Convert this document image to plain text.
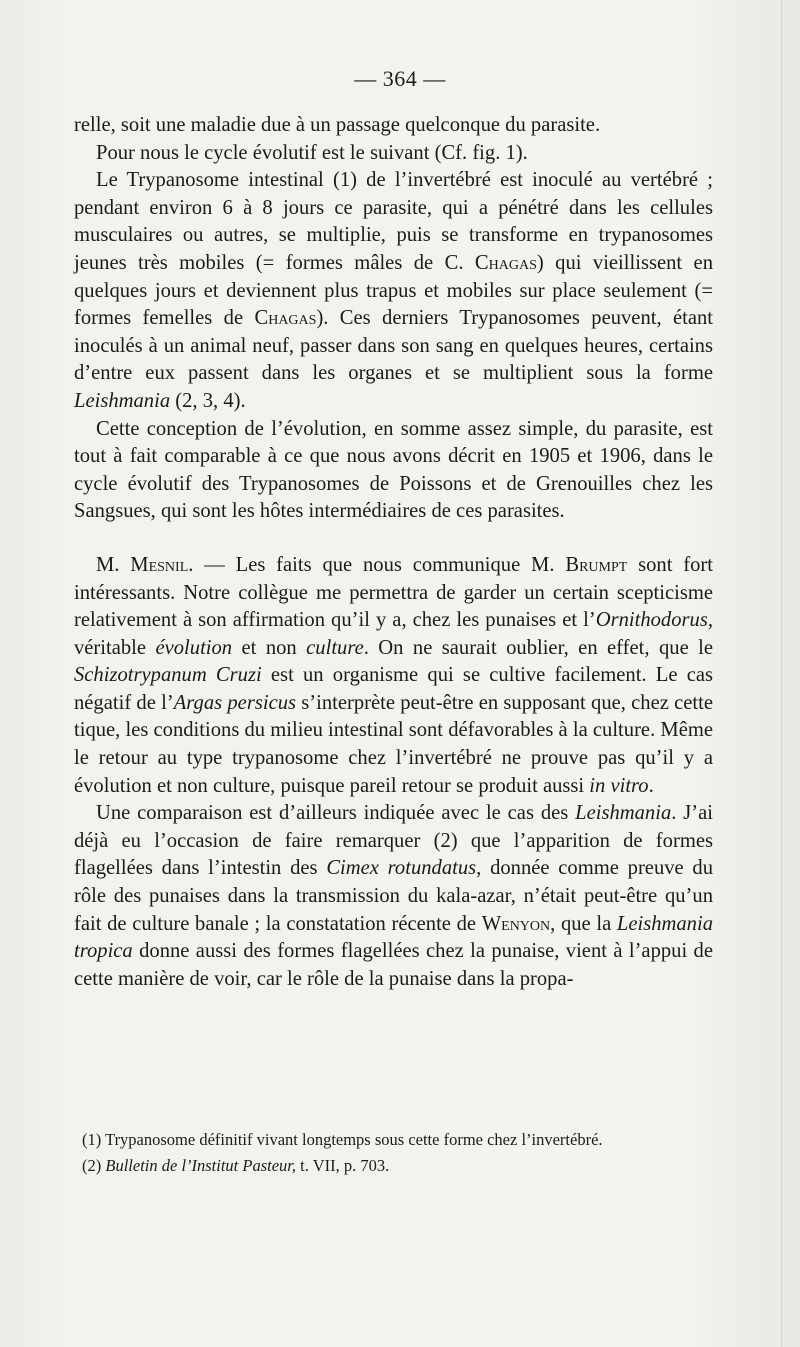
— 364 —

relle, soit une maladie due à un passage quelconque du parasite.

Pour nous le cycle évolutif est le suivant (Cf. fig. 1).

Le Trypanosome intestinal (1) de l’invertébré est inoculé au vertébré ; pendant environ 6 à 8 jours ce parasite, qui a pénétré dans les cellules musculaires ou autres, se multiplie, puis se transforme en trypanosomes jeunes très mobiles (= formes mâles de C. Chagas) qui vieillissent en quelques jours et deviennent plus trapus et mobiles sur place seulement (= formes femelles de Chagas). Ces derniers Trypanosomes peuvent, étant inoculés à un animal neuf, passer dans son sang en quelques heures, certains d’entre eux passent dans les organes et se multiplient sous la forme Leishmania (2, 3, 4).

Cette conception de l’évolution, en somme assez simple, du parasite, est tout à fait comparable à ce que nous avons décrit en 1905 et 1906, dans le cycle évolutif des Trypanosomes de Poissons et de Grenouilles chez les Sangsues, qui sont les hôtes intermédiaires de ces parasites.

M. Mesnil. — Les faits que nous communique M. Brumpt sont fort intéressants. Notre collègue me permettra de garder un certain scepticisme relativement à son affirmation qu’il y a, chez les punaises et l’Ornithodorus, véritable évolution et non culture. On ne saurait oublier, en effet, que le Schizotrypanum Cruzi est un organisme qui se cultive facilement. Le cas négatif de l’Argas persicus s’interprète peut-être en supposant que, chez cette tique, les conditions du milieu intestinal sont défavorables à la culture. Même le retour au type trypanosome chez l’invertébré ne prouve pas qu’il y a évolution et non culture, puisque pareil retour se produit aussi in vitro.

Une comparaison est d’ailleurs indiquée avec le cas des Leishmania. J’ai déjà eu l’occasion de faire remarquer (2) que l’apparition de formes flagellées dans l’intestin des Cimex rotundatus, donnée comme preuve du rôle des punaises dans la transmission du kala-azar, n’était peut-être qu’un fait de culture banale ; la constatation récente de Wenyon, que la Leishmania tropica donne aussi des formes flagellées chez la punaise, vient à l’appui de cette manière de voir, car le rôle de la punaise dans la propa-

(1) Trypanosome définitif vivant longtemps sous cette forme chez l’invertébré.

(2) Bulletin de l’Institut Pasteur, t. VII, p. 703.
